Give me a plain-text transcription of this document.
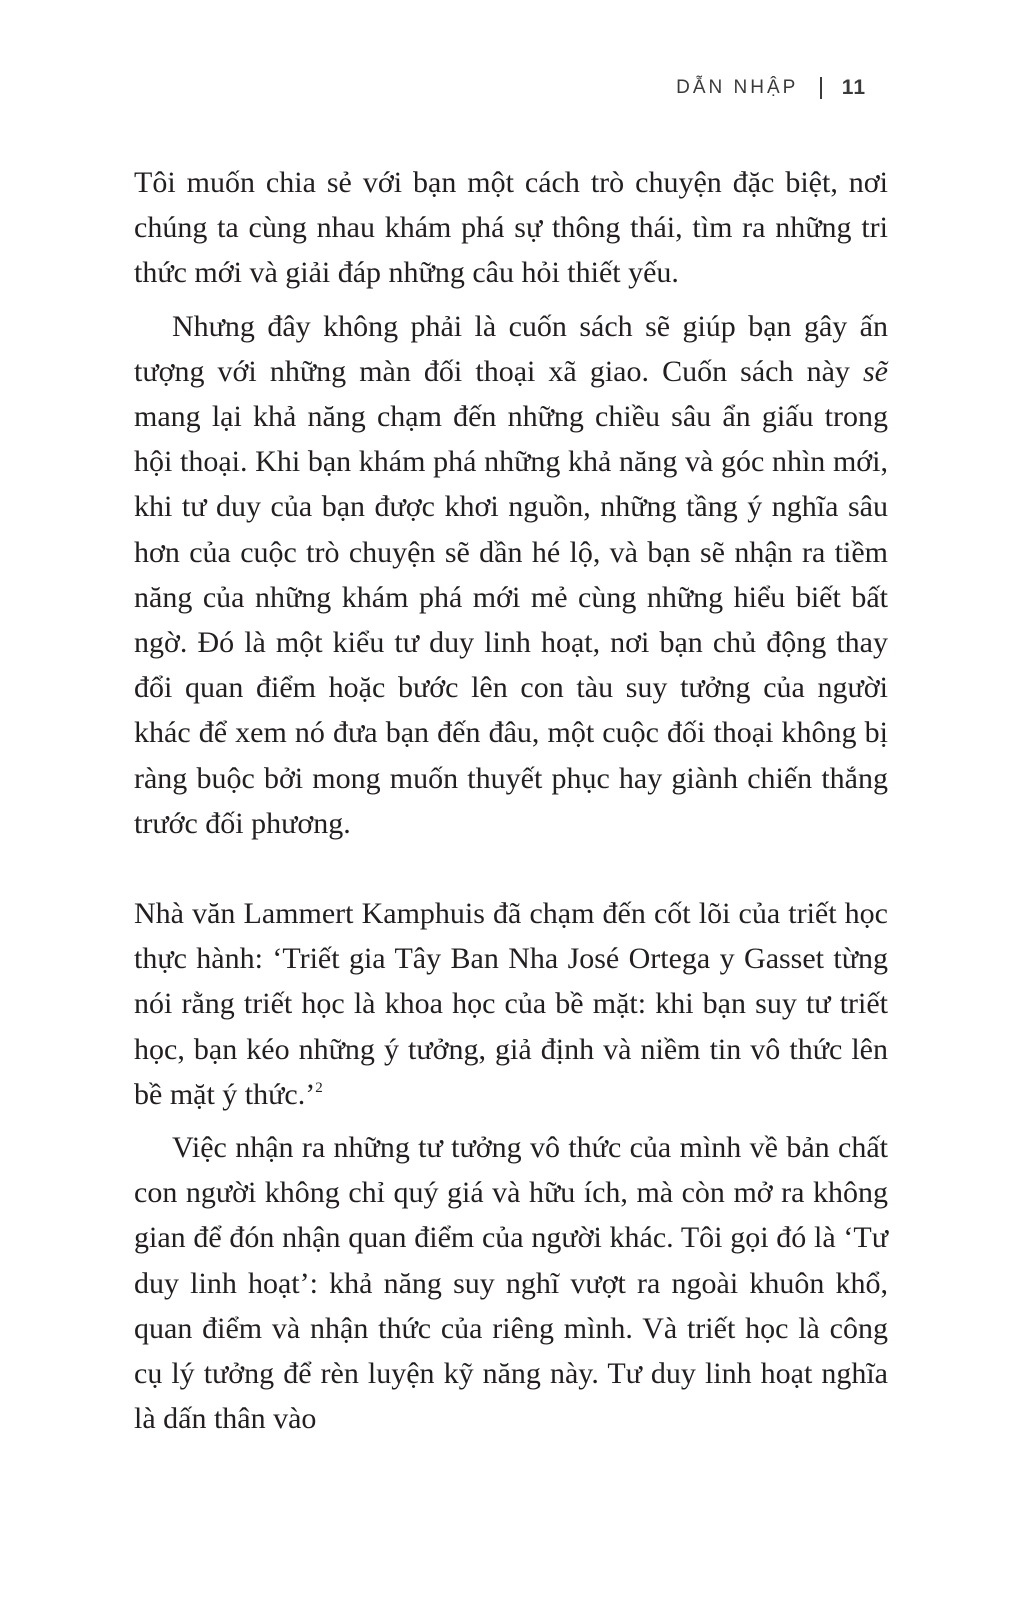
DẪN NHẬP 11

Tôi muốn chia sẻ với bạn một cách trò chuyện đặc biệt, nơi chúng ta cùng nhau khám phá sự thông thái, tìm ra những tri thức mới và giải đáp những câu hỏi thiết yếu.

Nhưng đây không phải là cuốn sách sẽ giúp bạn gây ấn tượng với những màn đối thoại xã giao. Cuốn sách này sẽ mang lại khả năng chạm đến những chiều sâu ẩn giấu trong hội thoại. Khi bạn khám phá những khả năng và góc nhìn mới, khi tư duy của bạn được khơi nguồn, những tầng ý nghĩa sâu hơn của cuộc trò chuyện sẽ dần hé lộ, và bạn sẽ nhận ra tiềm năng của những khám phá mới mẻ cùng những hiểu biết bất ngờ. Đó là một kiểu tư duy linh hoạt, nơi bạn chủ động thay đổi quan điểm hoặc bước lên con tàu suy tưởng của người khác để xem nó đưa bạn đến đâu, một cuộc đối thoại không bị ràng buộc bởi mong muốn thuyết phục hay giành chiến thắng trước đối phương.

Nhà văn Lammert Kamphuis đã chạm đến cốt lõi của triết học thực hành: ‘Triết gia Tây Ban Nha José Ortega y Gasset từng nói rằng triết học là khoa học của bề mặt: khi bạn suy tư triết học, bạn kéo những ý tưởng, giả định và niềm tin vô thức lên bề mặt ý thức.’$^2$

Việc nhận ra những tư tưởng vô thức của mình về bản chất con người không chỉ quý giá và hữu ích, mà còn mở ra không gian để đón nhận quan điểm của người khác. Tôi gọi đó là ‘Tư duy linh hoạt’: khả năng suy nghĩ vượt ra ngoài khuôn khổ, quan điểm và nhận thức của riêng mình. Và triết học là công cụ lý tưởng để rèn luyện kỹ năng này. Tư duy linh hoạt nghĩa là dấn thân vào
